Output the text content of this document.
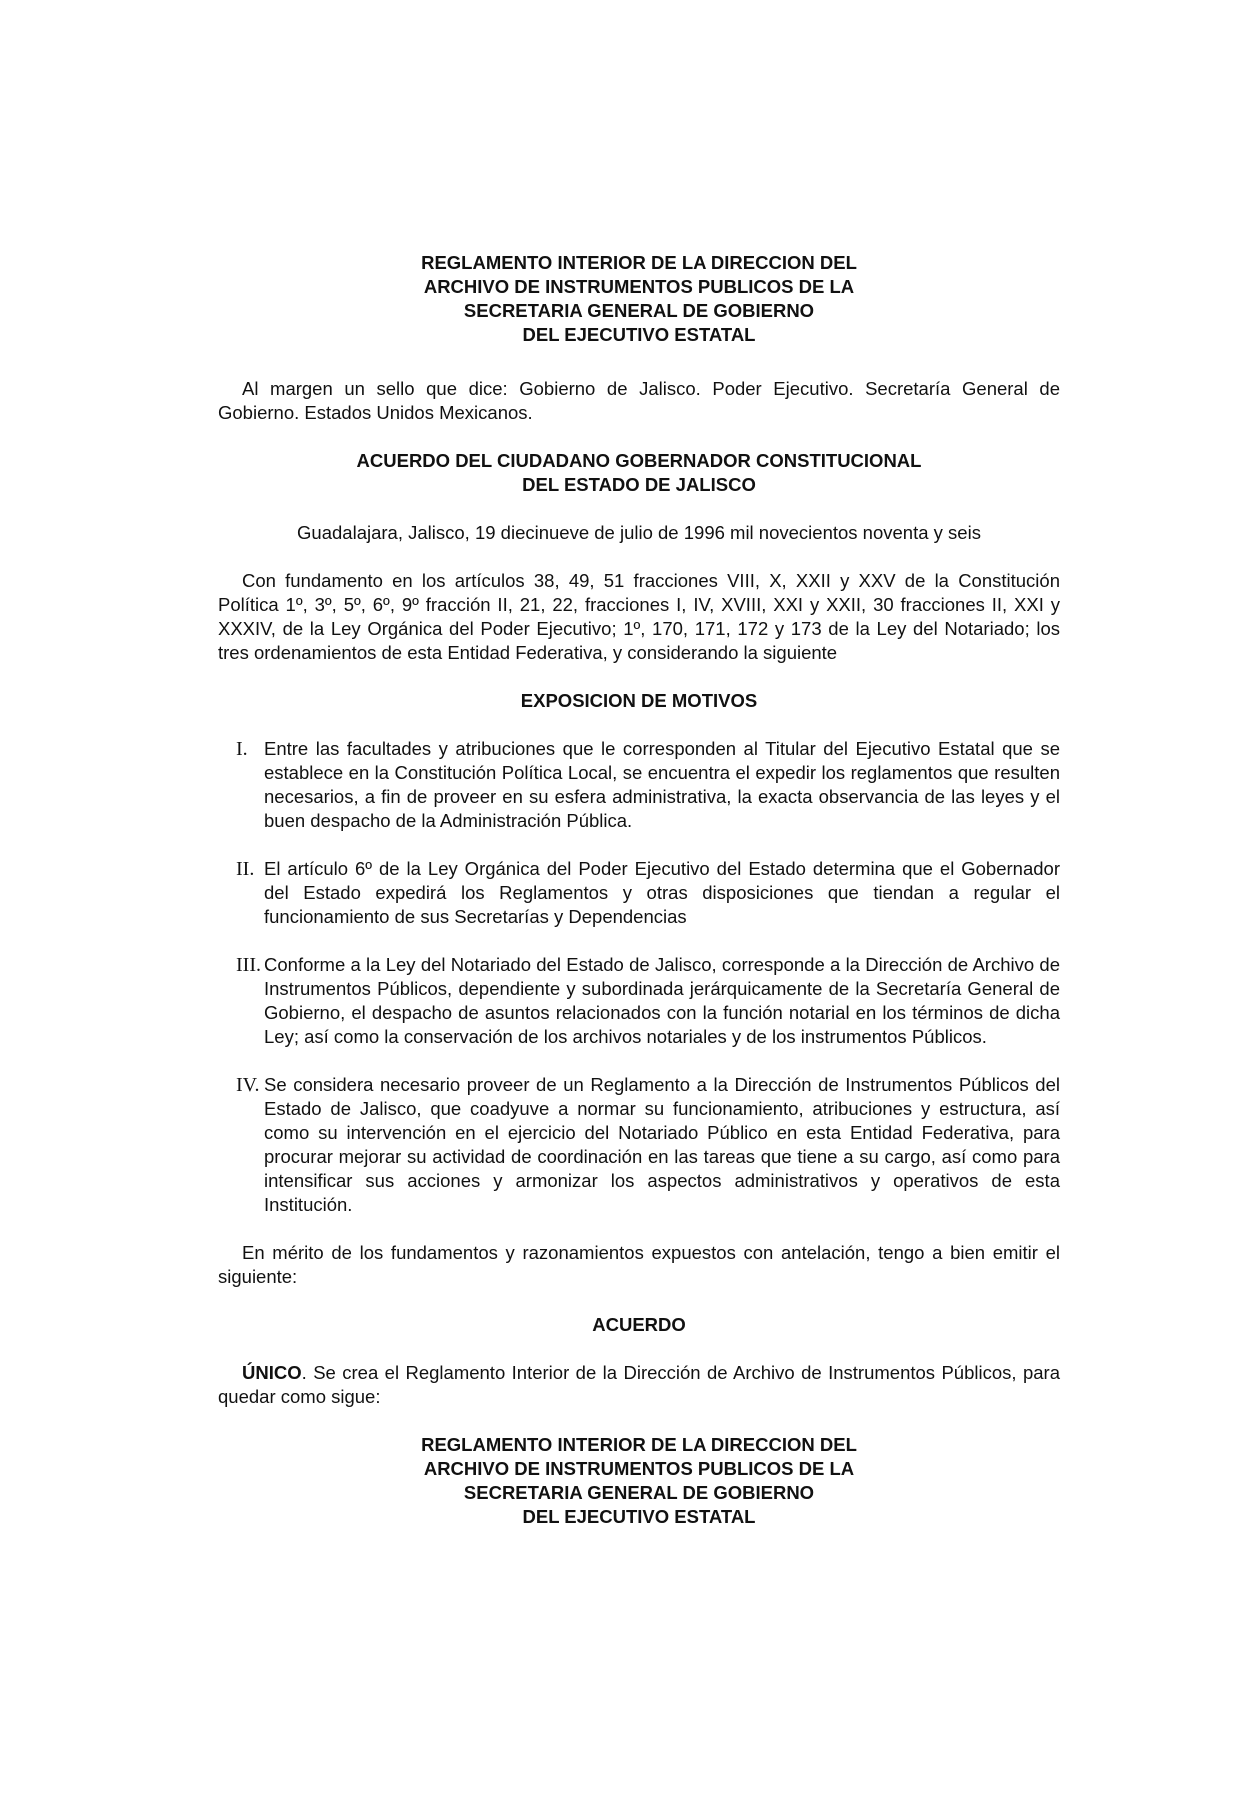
REGLAMENTO INTERIOR DE LA DIRECCION DEL
ARCHIVO DE INSTRUMENTOS PUBLICOS DE LA
SECRETARIA GENERAL DE GOBIERNO
DEL EJECUTIVO ESTATAL
Al margen un sello que dice: Gobierno de Jalisco. Poder Ejecutivo. Secretaría General de Gobierno. Estados Unidos Mexicanos.
ACUERDO DEL CIUDADANO GOBERNADOR CONSTITUCIONAL
DEL ESTADO DE JALISCO
Guadalajara, Jalisco, 19 diecinueve de julio de 1996 mil novecientos noventa y seis
Con fundamento en los artículos 38, 49, 51 fracciones VIII, X, XXII y XXV de la Constitución Política 1º, 3º, 5º, 6º, 9º fracción II, 21, 22, fracciones I, IV, XVIII, XXI y XXII, 30 fracciones II, XXI y XXXIV, de la Ley Orgánica del Poder Ejecutivo; 1º, 170, 171, 172 y 173 de la Ley del Notariado; los tres ordenamientos de esta Entidad Federativa, y considerando la siguiente
EXPOSICION DE MOTIVOS
I. Entre las facultades y atribuciones que le corresponden al Titular del Ejecutivo Estatal que se establece en la Constitución Política Local, se encuentra el expedir los reglamentos que resulten necesarios, a fin de proveer en su esfera administrativa, la exacta observancia de las leyes y el buen despacho de la Administración Pública.
II. El artículo 6º de la Ley Orgánica del Poder Ejecutivo del Estado determina que el Gobernador del Estado expedirá los Reglamentos y otras disposiciones que tiendan a regular el funcionamiento de sus Secretarías y Dependencias
III. Conforme a la Ley del Notariado del Estado de Jalisco, corresponde a la Dirección de Archivo de Instrumentos Públicos, dependiente y subordinada jerárquicamente de la Secretaría General de Gobierno, el despacho de asuntos relacionados con la función notarial en los términos de dicha Ley; así como la conservación de los archivos notariales y de los instrumentos Públicos.
IV. Se considera necesario proveer de un Reglamento a la Dirección de Instrumentos Públicos del Estado de Jalisco, que coadyuve a normar su funcionamiento, atribuciones y estructura, así como su intervención en el ejercicio del Notariado Público en esta Entidad Federativa, para procurar mejorar su actividad de coordinación en las tareas que tiene a su cargo, así como para intensificar sus acciones y armonizar los aspectos administrativos y operativos de esta Institución.
En mérito de los fundamentos y razonamientos expuestos con antelación, tengo a bien emitir el siguiente:
ACUERDO
ÚNICO. Se crea el Reglamento Interior de la Dirección de Archivo de Instrumentos Públicos, para quedar como sigue:
REGLAMENTO INTERIOR DE LA DIRECCION DEL
ARCHIVO DE INSTRUMENTOS PUBLICOS DE LA
SECRETARIA GENERAL DE GOBIERNO
DEL EJECUTIVO ESTATAL
